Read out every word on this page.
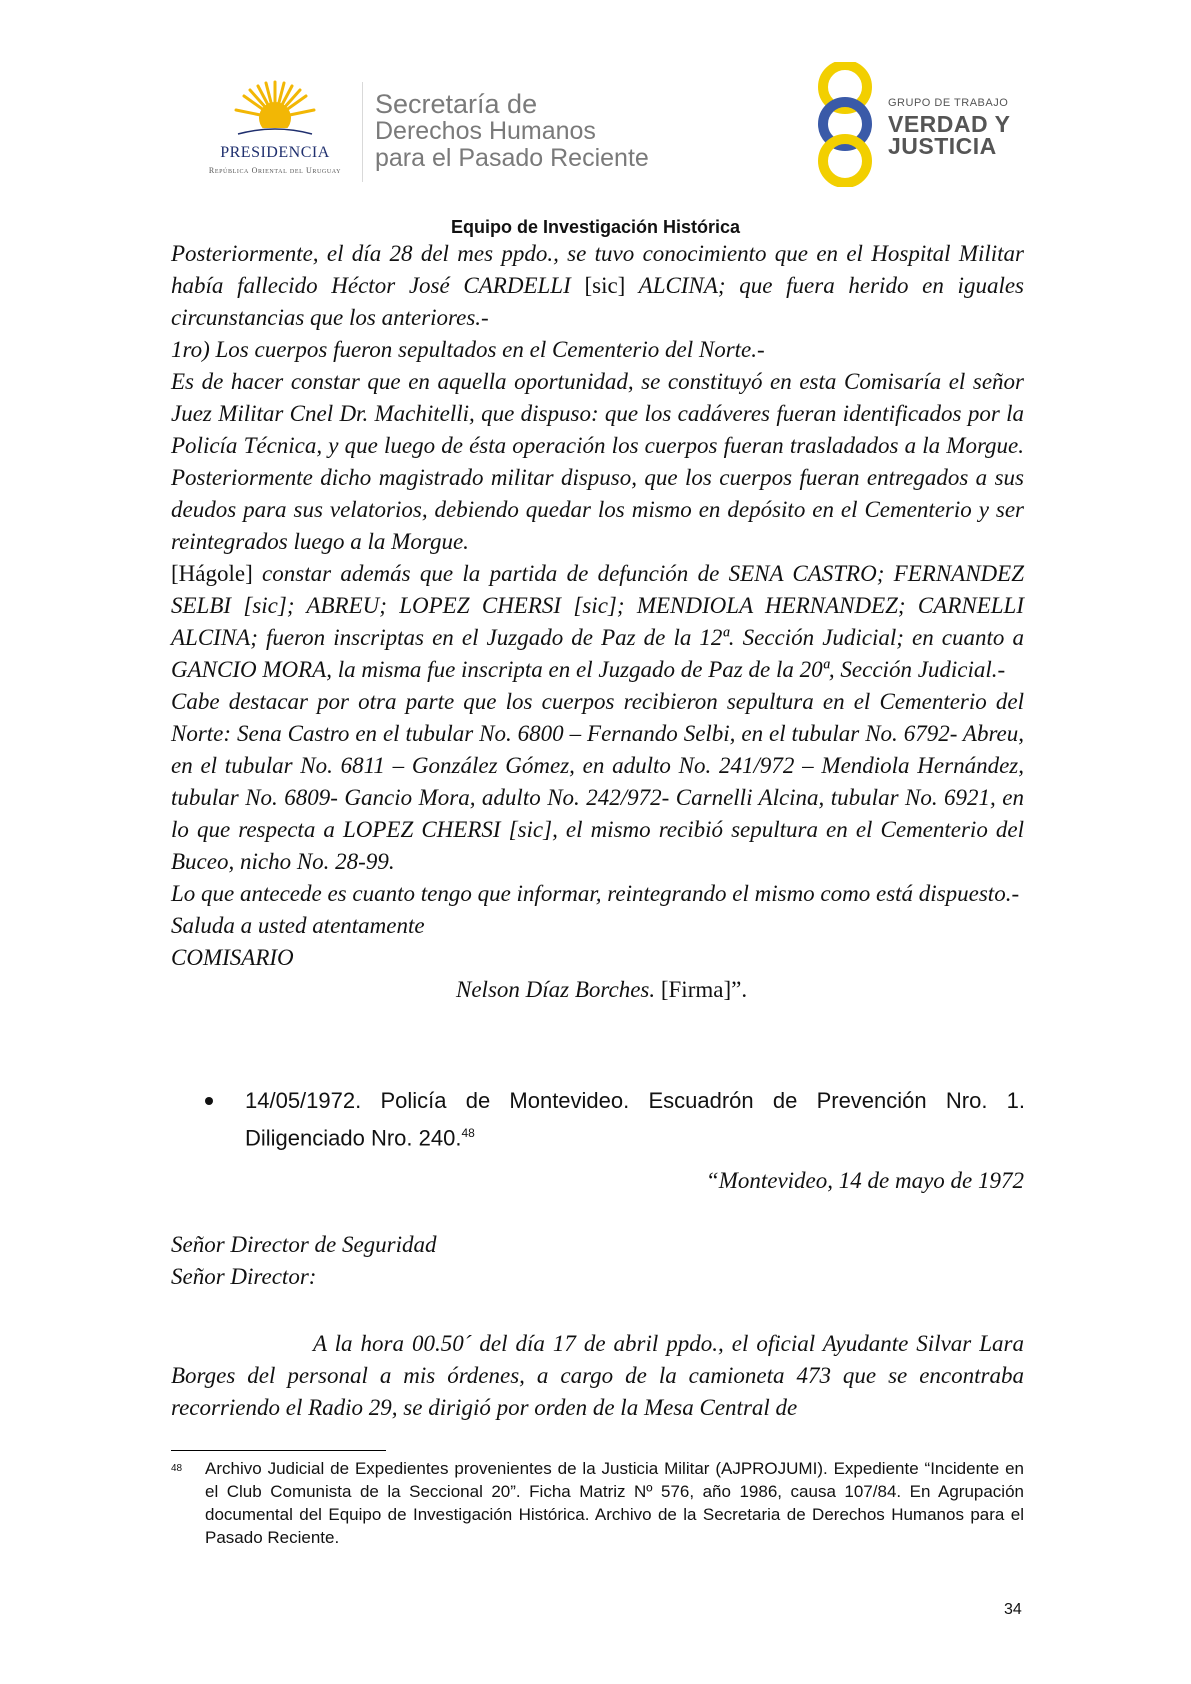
PRESIDENCIA
República Oriental del Uruguay
Secretaría de
Derechos Humanos
para el Pasado Reciente
GRUPO DE TRABAJO
VERDAD Y
JUSTICIA
Equipo de Investigación Histórica

Posteriormente, el día 28 del mes ppdo., se tuvo conocimiento que en el Hospital Militar había fallecido Héctor José CARDELLI [sic] ALCINA; que fuera herido en iguales circunstancias que los anteriores.-

1ro) Los cuerpos fueron sepultados en el Cementerio del Norte.-

Es de hacer constar que en aquella oportunidad, se constituyó en esta Comisaría el señor Juez Militar Cnel Dr. Machitelli, que dispuso: que los cadáveres fueran identificados por la Policía Técnica, y que luego de ésta operación los cuerpos fueran trasladados a la Morgue. Posteriormente dicho magistrado militar dispuso, que los cuerpos fueran entregados a sus deudos para sus velatorios, debiendo quedar los mismo en depósito en el Cementerio y ser reintegrados luego a la Morgue.

[Hágole] constar además que la partida de defunción de SENA CASTRO; FERNANDEZ SELBI [sic]; ABREU; LOPEZ CHERSI [sic]; MENDIOLA HERNANDEZ; CARNELLI ALCINA; fueron inscriptas en el Juzgado de Paz de la 12ª. Sección Judicial; en cuanto a GANCIO MORA, la misma fue inscripta en el Juzgado de Paz de la 20ª, Sección Judicial.-

Cabe destacar por otra parte que los cuerpos recibieron sepultura en el Cementerio del Norte: Sena Castro en el tubular No. 6800 – Fernando Selbi, en el tubular No. 6792- Abreu, en el tubular No. 6811 – González Gómez, en adulto No. 241/972 – Mendiola Hernández, tubular No. 6809- Gancio Mora, adulto No. 242/972- Carnelli Alcina, tubular No. 6921, en lo que respecta a LOPEZ CHERSI [sic], el mismo recibió sepultura en el Cementerio del Buceo, nicho No. 28-99.

Lo que antecede es cuanto tengo que informar, reintegrando el mismo como está dispuesto.-

Saluda a usted atentamente

COMISARIO

Nelson Díaz Borches. [Firma]”.

14/05/1972. Policía de Montevideo. Escuadrón de Prevención Nro. 1. Diligenciado Nro. 240.48
“Montevideo, 14 de mayo de 1972
Señor Director de Seguridad
Señor Director:
A la hora 00.50´ del día 17 de abril ppdo., el oficial Ayudante Silvar Lara Borges del personal a mis órdenes, a cargo de la camioneta 473 que se encontraba recorriendo el Radio 29, se dirigió por orden de la Mesa Central de
48 Archivo Judicial de Expedientes provenientes de la Justicia Militar (AJPROJUMI). Expediente “Incidente en el Club Comunista de la Seccional 20”. Ficha Matriz Nº 576, año 1986, causa 107/84. En Agrupación documental del Equipo de Investigación Histórica. Archivo de la Secretaria de Derechos Humanos para el Pasado Reciente.
34
